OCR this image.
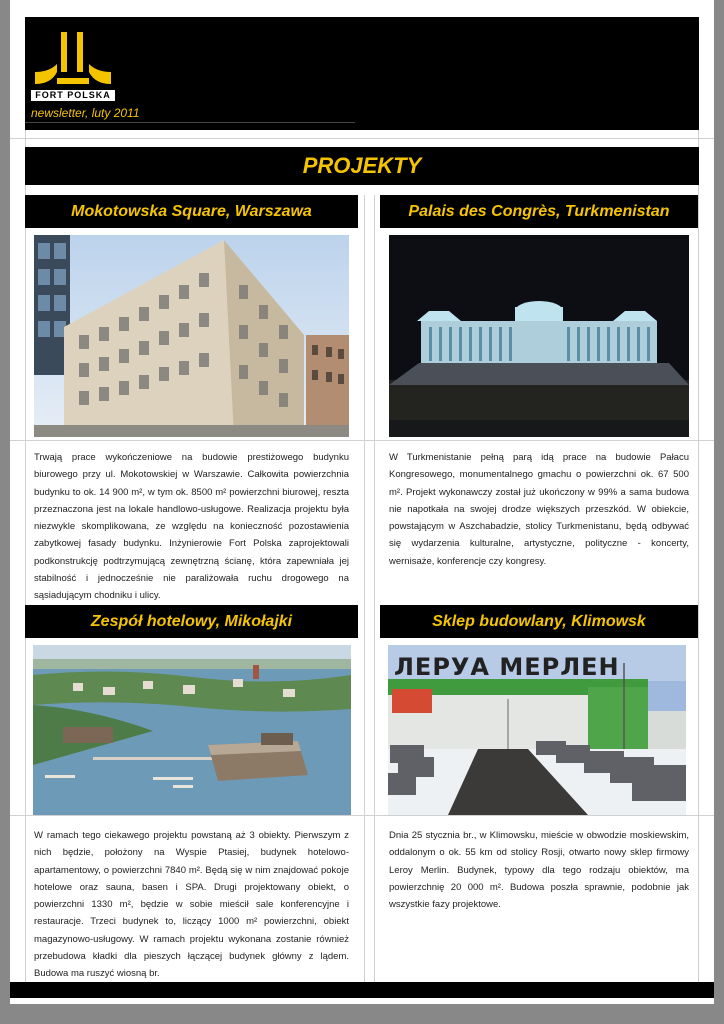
FORT POLSKA
newsletter, luty 2011
PROJEKTY
Mokotowska Square, Warszawa
Trwają prace wykończeniowe na budowie prestiżowego budynku biurowego przy ul. Mokotowskiej w Warszawie. Całkowita powierzchnia budynku to ok. 14 900 m², w tym ok. 8500 m² powierzchni biurowej, reszta przeznaczona jest na lokale handlowo-usługowe. Realizacja projektu była niezwykle skomplikowana, ze względu na konieczność pozostawienia zabytkowej fasady budynku. Inżynierowie Fort Polska zaprojektowali podkonstrukcję podtrzymującą zewnętrzną ścianę, która zapewniała jej stabilność i jednocześnie nie paraliżowała ruchu drogowego na sąsiadującym chodniku i ulicy.
Palais des Congrès, Turkmenistan
W Turkmenistanie pełną parą idą prace na budowie Pałacu Kongresowego, monumentalnego gmachu o powierzchni ok. 67 500 m². Projekt wykonawczy został już ukończony w 99% a sama budowa nie napotkała na swojej drodze większych przeszkód. W obiekcie, powstającym w Aszchabadzie, stolicy Turkmenistanu, będą odbywać się wydarzenia kulturalne, artystyczne, polityczne - koncerty, wernisaże, konferencje czy kongresy.
Zespół hotelowy, Mikołajki
W ramach tego ciekawego projektu powstaną aż 3 obiekty. Pierwszym z nich będzie, położony na Wyspie Ptasiej, budynek hotelowo-apartamentowy, o powierzchni 7840 m². Będą się w nim znajdować pokoje hotelowe oraz sauna, basen i SPA. Drugi projektowany obiekt, o powierzchni 1330 m², będzie w sobie mieścił sale konferencyjne i restauracje. Trzeci budynek to, liczący 1000 m² powierzchni, obiekt magazynowo-usługowy. W ramach projektu wykonana zostanie również przebudowa kładki dla pieszych łączącej budynek główny z lądem. Budowa ma ruszyć wiosną br.
Sklep budowlany, Klimowsk
ЛЕРУА МЕРЛЕН
Dnia 25 stycznia br., w Klimowsku, mieście w obwodzie moskiewskim, oddalonym o ok. 55 km od stolicy Rosji, otwarto nowy sklep firmowy Leroy Merlin. Budynek, typowy dla tego rodzaju obiektów, ma powierzchnię 20 000 m². Budowa poszła sprawnie, podobnie jak wszystkie fazy projektowe.
